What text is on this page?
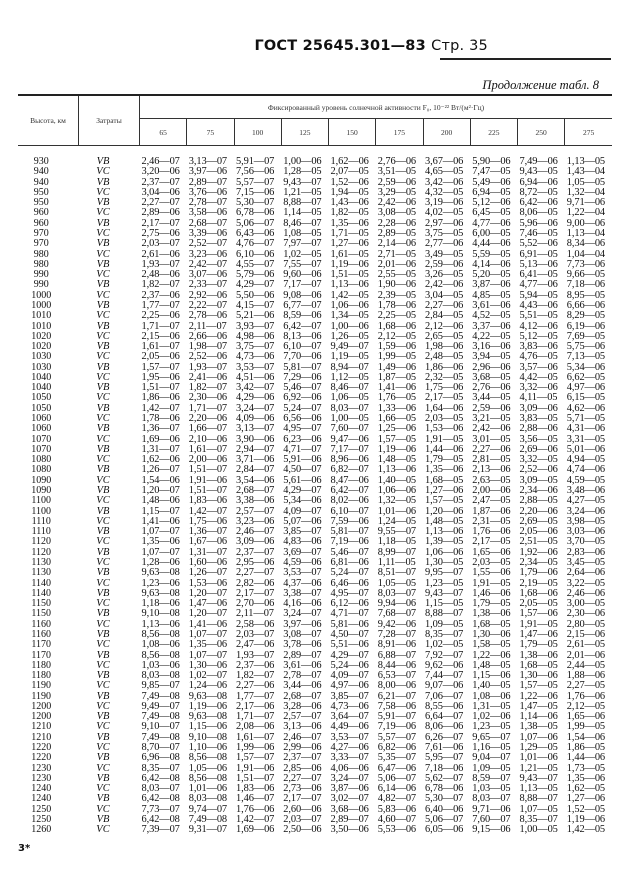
ГОСТ 25645.301—83 Стр. 35
Продолжение табл. 8
Высота, км	Затраты	Фиксированный уровень солнечной активности F₀, 10⁻²² Вт/(м²·Гц)									
		65	75	100	125	150	175	200	225	250	275
930	VB	2,46—07	3,13—07	5,91—07	1,00—06	1,62—06	2,76—06	3,67—06	5,90—06	7,49—06	1,13—05
940	VC	3,20—06	3,97—06	7,56—06	1,28—05	2,07—05	3,51—05	4,65—05	7,47—05	9,43—05	1,43—04
940	VB	2,37—07	2,89—07	5,57—07	9,43—07	1,52—06	2,59—06	3,42—06	5,49—06	6,94—06	1,05—05
950	VC	3,04—06	3,76—06	7,15—06	1,21—05	1,94—05	3,29—05	4,32—05	6,94—05	8,72—05	1,32—04
950	VB	2,27—07	2,78—07	5,30—07	8,88—07	1,43—06	2,42—06	3,19—06	5,12—06	6,42—06	9,71—06
960	VC	2,89—06	3,58—06	6,78—06	1,14—05	1,82—05	3,08—05	4,02—05	6,45—05	8,06—05	1,22—04
960	VB	2,17—07	2,68—07	5,06—07	8,46—07	1,35—06	2,28—06	2,97—06	4,77—06	5,96—06	9,00—06
970	VC	2,75—06	3,39—06	6,43—06	1,08—05	1,71—05	2,89—05	3,75—05	6,00—05	7,46—05	1,13—04
970	VB	2,03—07	2,52—07	4,76—07	7,97—07	1,27—06	2,14—06	2,77—06	4,44—06	5,52—06	8,34—06
980	VC	2,61—06	3,23—06	6,10—06	1,02—05	1,61—05	2,71—05	3,49—05	5,59—05	6,91—05	1,04—04
980	VB	1,93—07	2,42—07	4,55—07	7,55—07	1,19—06	2,01—06	2,59—06	4,14—06	5,13—06	7,73—06
990	VC	2,48—06	3,07—06	5,79—06	9,60—06	1,51—05	2,55—05	3,26—05	5,20—05	6,41—05	9,66—05
990	VB	1,82—07	2,33—07	4,29—07	7,17—07	1,13—06	1,90—06	2,42—06	3,87—06	4,77—06	7,18—06
1000	VC	2,37—06	2,92—06	5,50—06	9,08—06	1,42—05	2,39—05	3,04—05	4,85—05	5,94—05	8,95—05
1000	VB	1,77—07	2,22—07	4,15—07	6,77—07	1,06—06	1,78—06	2,27—06	3,61—06	4,43—06	6,66—06
1010	VC	2,25—06	2,78—06	5,21—06	8,59—06	1,34—05	2,25—05	2,84—05	4,52—05	5,51—05	8,29—05
1010	VB	1,71—07	2,11—07	3,93—07	6,42—07	1,00—06	1,68—06	2,12—06	3,37—06	4,12—06	6,19—06
1020	VC	2,15—06	2,66—06	4,98—06	8,13—06	1,26—05	2,12—05	2,65—05	4,22—05	5,12—05	7,69—05
1020	VB	1,61—07	1,98—07	3,75—07	6,10—07	9,49—07	1,59—06	1,98—06	3,16—06	3,83—06	5,75—06
1030	VC	2,05—06	2,52—06	4,73—06	7,70—06	1,19—05	1,99—05	2,48—05	3,94—05	4,76—05	7,13—05
1030	VB	1,57—07	1,93—07	3,53—07	5,81—07	8,94—07	1,49—06	1,86—06	2,96—06	3,57—06	5,34—06
1040	VC	1,95—06	2,41—06	4,51—06	7,29—06	1,12—05	1,87—05	2,32—05	3,68—05	4,42—05	6,62—05
1040	VB	1,51—07	1,82—07	3,42—07	5,46—07	8,46—07	1,41—06	1,75—06	2,76—06	3,32—06	4,97—06
1050	VC	1,86—06	2,30—06	4,29—06	6,92—06	1,06—05	1,76—05	2,17—05	3,44—05	4,11—05	6,15—05
1050	VB	1,42—07	1,71—07	3,24—07	5,24—07	8,03—07	1,33—06	1,64—06	2,59—06	3,09—06	4,62—06
1060	VC	1,78—06	2,20—06	4,09—06	6,56—06	1,00—05	1,66—05	2,03—05	3,21—05	3,83—05	5,71—05
1060	VB	1,36—07	1,66—07	3,13—07	4,95—07	7,60—07	1,25—06	1,53—06	2,42—06	2,88—06	4,31—06
1070	VC	1,69—06	2,10—06	3,90—06	6,23—06	9,47—06	1,57—05	1,91—05	3,01—05	3,56—05	3,31—05
1070	VB	1,31—07	1,61—07	2,94—07	4,71—07	7,17—07	1,19—06	1,44—06	2,27—06	2,69—06	5,01—06
1080	VC	1,62—06	2,00—06	3,71—06	5,91—06	8,96—06	1,48—05	1,79—05	2,81—05	3,32—05	4,94—05
1080	VB	1,26—07	1,51—07	2,84—07	4,50—07	6,82—07	1,13—06	1,35—06	2,13—06	2,52—06	4,74—06
1090	VC	1,54—06	1,91—06	3,54—06	5,61—06	8,47—06	1,40—05	1,68—05	2,63—05	3,09—05	4,59—05
1090	VB	1,20—07	1,51—07	2,68—07	4,29—07	6,42—07	1,06—06	1,27—06	2,00—06	2,34—06	3,48—06
1100	VC	1,48—06	1,83—06	3,38—06	5,34—06	8,02—06	1,32—05	1,57—05	2,47—05	2,88—05	4,27—05
1100	VB	1,15—07	1,42—07	2,57—07	4,09—07	6,10—07	1,01—06	1,20—06	1,87—06	2,20—06	3,24—06
1110	VC	1,41—06	1,75—06	3,23—06	5,07—06	7,59—06	1,24—05	1,48—05	2,31—05	2,69—05	3,98—05
1110	VB	1,07—07	1,36—07	2,46—07	3,85—07	5,81—07	9,55—07	1,13—06	1,76—06	2,05—06	3,03—06
1120	VC	1,35—06	1,67—06	3,09—06	4,83—06	7,19—06	1,18—05	1,39—05	2,17—05	2,51—05	3,70—05
1120	VB	1,07—07	1,31—07	2,37—07	3,69—07	5,46—07	8,99—07	1,06—06	1,65—06	1,92—06	2,83—06
1130	VC	1,28—06	1,60—06	2,95—06	4,59—06	6,81—06	1,11—05	1,30—05	2,03—05	2,34—05	3,45—05
1130	VB	9,63—08	1,26—07	2,27—07	3,53—07	5,24—07	8,51—07	9,95—07	1,55—06	1,79—06	2,64—06
1140	VC	1,23—06	1,53—06	2,82—06	4,37—06	6,46—06	1,05—05	1,23—05	1,91—05	2,19—05	3,22—05
1140	VB	9,63—08	1,20—07	2,17—07	3,38—07	4,95—07	8,03—07	9,43—07	1,46—06	1,68—06	2,46—06
1150	VC	1,18—06	1,47—06	2,70—06	4,16—06	6,12—06	9,94—06	1,15—05	1,79—05	2,05—05	3,00—05
1150	VB	9,10—08	1,20—07	2,11—07	3,24—07	4,71—07	7,68—07	8,88—07	1,38—06	1,57—06	2,30—06
1160	VC	1,13—06	1,41—06	2,58—06	3,97—06	5,81—06	9,42—06	1,09—05	1,68—05	1,91—05	2,80—05
1160	VB	8,56—08	1,07—07	2,03—07	3,08—07	4,50—07	7,28—07	8,35—07	1,30—06	1,47—06	2,15—06
1170	VC	1,08—06	1,35—06	2,47—06	3,78—06	5,51—06	8,91—06	1,02—05	1,58—05	1,79—05	2,61—05
1170	VB	8,56—08	1,07—07	1,93—07	2,89—07	4,29—07	6,88—07	7,92—07	1,22—06	1,38—06	2,01—06
1180	VC	1,03—06	1,30—06	2,37—06	3,61—06	5,24—06	8,44—06	9,62—06	1,48—05	1,68—05	2,44—05
1180	VB	8,03—08	1,02—07	1,82—07	2,78—07	4,09—07	6,53—07	7,44—07	1,15—06	1,30—06	1,88—06
1190	VC	9,85—07	1,24—06	2,27—06	3,44—06	4,97—06	8,00—06	9,07—06	1,40—05	1,57—05	2,27—05
1190	VB	7,49—08	9,63—08	1,77—07	2,68—07	3,85—07	6,21—07	7,06—07	1,08—06	1,22—06	1,76—06
1200	VC	9,49—07	1,19—06	2,17—06	3,28—06	4,73—06	7,58—06	8,55—06	1,31—05	1,47—05	2,12—05
1200	VB	7,49—08	9,63—08	1,71—07	2,57—07	3,64—07	5,91—07	6,64—07	1,02—06	1,14—06	1,65—06
1210	VC	9,10—07	1,15—06	2,08—06	3,13—06	4,49—06	7,19—06	8,06—06	1,23—05	1,38—05	1,99—05
1210	VB	7,49—08	9,10—08	1,61—07	2,46—07	3,53—07	5,57—07	6,26—07	9,65—07	1,07—06	1,54—06
1220	VC	8,70—07	1,10—06	1,99—06	2,99—06	4,27—06	6,82—06	7,61—06	1,16—05	1,29—05	1,86—05
1220	VB	6,96—08	8,56—08	1,57—07	2,37—07	3,33—07	5,35—07	5,95—07	9,04—07	1,01—06	1,44—06
1230	VC	8,35—07	1,05—06	1,91—06	2,85—06	4,06—06	6,47—06	7,18—06	1,09—05	1,21—05	1,73—05
1230	VB	6,42—08	8,56—08	1,51—07	2,27—07	3,24—07	5,06—07	5,62—07	8,59—07	9,43—07	1,35—06
1240	VC	8,03—07	1,01—06	1,83—06	2,73—06	3,87—06	6,14—06	6,78—06	1,03—05	1,13—05	1,62—05
1240	VB	6,42—08	8,03—08	1,46—07	2,17—07	3,02—07	4,82—07	5,30—07	8,03—07	8,88—07	1,27—06
1250	VC	7,73—07	9,74—07	1,76—06	2,60—06	3,68—06	5,83—06	6,40—06	9,71—06	1,07—05	1,52—05
1250	VB	6,42—08	7,49—08	1,42—07	2,03—07	2,89—07	4,60—07	5,06—07	7,60—07	8,35—07	1,19—06
1260	VC	7,39—07	9,31—07	1,69—06	2,50—06	3,50—06	5,53—06	6,05—06	9,15—06	1,00—05	1,42—05
3*
